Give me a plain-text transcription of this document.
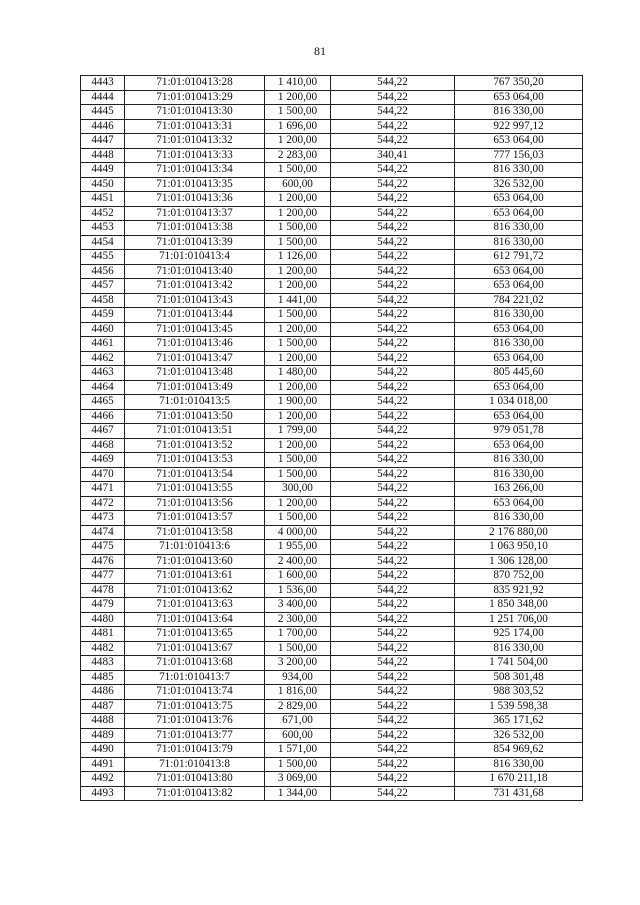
81
4443	71:01:010413:28	1 410,00	544,22	767 350,20
4444	71:01:010413:29	1 200,00	544,22	653 064,00
4445	71:01:010413:30	1 500,00	544,22	816 330,00
4446	71:01:010413:31	1 696,00	544,22	922 997,12
4447	71:01:010413:32	1 200,00	544,22	653 064,00
4448	71:01:010413:33	2 283,00	340,41	777 156,03
4449	71:01:010413:34	1 500,00	544,22	816 330,00
4450	71:01:010413:35	600,00	544,22	326 532,00
4451	71:01:010413:36	1 200,00	544,22	653 064,00
4452	71:01:010413:37	1 200,00	544,22	653 064,00
4453	71:01:010413:38	1 500,00	544,22	816 330,00
4454	71:01:010413:39	1 500,00	544,22	816 330,00
4455	71:01:010413:4	1 126,00	544,22	612 791,72
4456	71:01:010413:40	1 200,00	544,22	653 064,00
4457	71:01:010413:42	1 200,00	544,22	653 064,00
4458	71:01:010413:43	1 441,00	544,22	784 221,02
4459	71:01:010413:44	1 500,00	544,22	816 330,00
4460	71:01:010413:45	1 200,00	544,22	653 064,00
4461	71:01:010413:46	1 500,00	544,22	816 330,00
4462	71:01:010413:47	1 200,00	544,22	653 064,00
4463	71:01:010413:48	1 480,00	544,22	805 445,60
4464	71:01:010413:49	1 200,00	544,22	653 064,00
4465	71:01:010413:5	1 900,00	544,22	1 034 018,00
4466	71:01:010413:50	1 200,00	544,22	653 064,00
4467	71:01:010413:51	1 799,00	544,22	979 051,78
4468	71:01:010413:52	1 200,00	544,22	653 064,00
4469	71:01:010413:53	1 500,00	544,22	816 330,00
4470	71:01:010413:54	1 500,00	544,22	816 330,00
4471	71:01:010413:55	300,00	544,22	163 266,00
4472	71:01:010413:56	1 200,00	544,22	653 064,00
4473	71:01:010413:57	1 500,00	544,22	816 330,00
4474	71:01:010413:58	4 000,00	544,22	2 176 880,00
4475	71:01:010413:6	1 955,00	544,22	1 063 950,10
4476	71:01:010413:60	2 400,00	544,22	1 306 128,00
4477	71:01:010413:61	1 600,00	544,22	870 752,00
4478	71:01:010413:62	1 536,00	544,22	835 921,92
4479	71:01:010413:63	3 400,00	544,22	1 850 348,00
4480	71:01:010413:64	2 300,00	544,22	1 251 706,00
4481	71:01:010413:65	1 700,00	544,22	925 174,00
4482	71:01:010413:67	1 500,00	544,22	816 330,00
4483	71:01:010413:68	3 200,00	544,22	1 741 504,00
4485	71:01:010413:7	934,00	544,22	508 301,48
4486	71:01:010413:74	1 816,00	544,22	988 303,52
4487	71:01:010413:75	2 829,00	544,22	1 539 598,38
4488	71:01:010413:76	671,00	544,22	365 171,62
4489	71:01:010413:77	600,00	544,22	326 532,00
4490	71:01:010413:79	1 571,00	544,22	854 969,62
4491	71:01:010413:8	1 500,00	544,22	816 330,00
4492	71:01:010413:80	3 069,00	544,22	1 670 211,18
4493	71:01:010413:82	1 344,00	544,22	731 431,68
